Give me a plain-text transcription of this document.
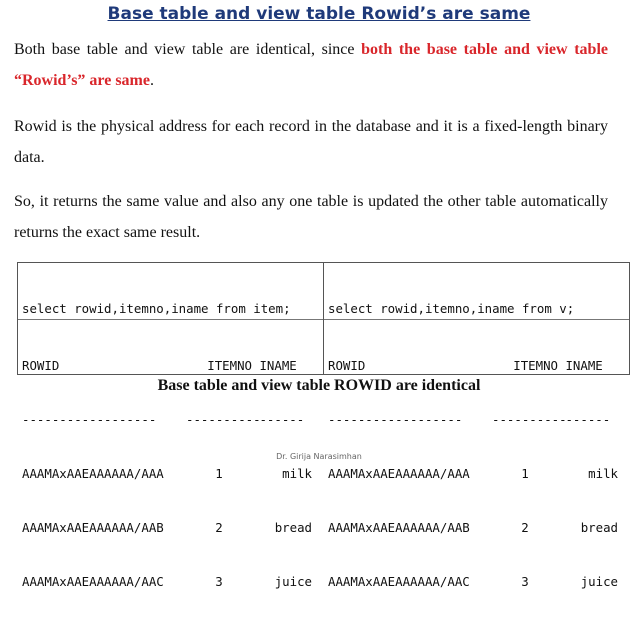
Base table and view table Rowid’s are same
Both base table and view table are identical, since both the base table and view table “Rowid’s” are same.
Rowid is the physical address for each record in the database and it is a fixed-length binary data.
So, it returns the same value and also any one table is updated the other table automatically returns the exact same result.

select rowid,itemno,iname from item;

ROWID	ITEMNO INAME

------------------	----------
------

AAAMAxAAEAAAAAA/AAA	1	milk

AAAMAxAAEAAAAAA/AAB	2	bread

AAAMAxAAEAAAAAA/AAC	3	juice

select rowid,itemno,iname from v;

ROWID	ITEMNO INAME

------------------	----------
------

AAAMAxAAEAAAAAA/AAA	1	milk

AAAMAxAAEAAAAAA/AAB	2	bread

AAAMAxAAEAAAAAA/AAC	3	juice

Base table and view table ROWID are identical
Dr. Girija Narasimhan
